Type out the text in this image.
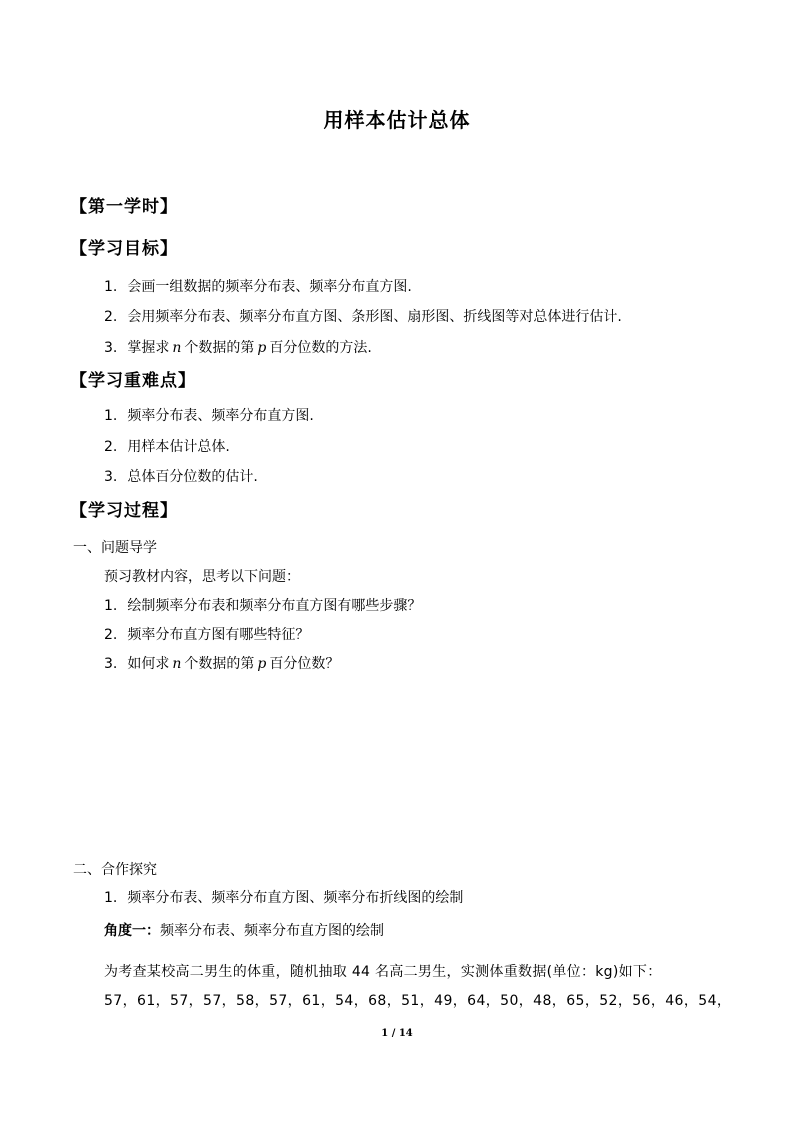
用样本估计总体
【第一学时】
【学习目标】
1. 会画一组数据的频率分布表、频率分布直方图.
2. 会用频率分布表、频率分布直方图、条形图、扇形图、折线图等对总体进行估计.
3. 掌握求 n 个数据的第 p 百分位数的方法.
【学习重难点】
1. 频率分布表、频率分布直方图.
2. 用样本估计总体.
3. 总体百分位数的估计.
【学习过程】
一、问题导学
预习教材内容，思考以下问题：
1. 绘制频率分布表和频率分布直方图有哪些步骤？
2. 频率分布直方图有哪些特征？
3. 如何求 n 个数据的第 p 百分位数？
二、合作探究
1. 频率分布表、频率分布直方图、频率分布折线图的绘制
角度一：频率分布表、频率分布直方图的绘制
为考查某校高二男生的体重，随机抽取 44 名高二男生，实测体重数据(单位：kg)如下：
57，61，57，57，58，57，61，54，68，51，49，64，50，48，65，52，56，46，54，
1 / 14
